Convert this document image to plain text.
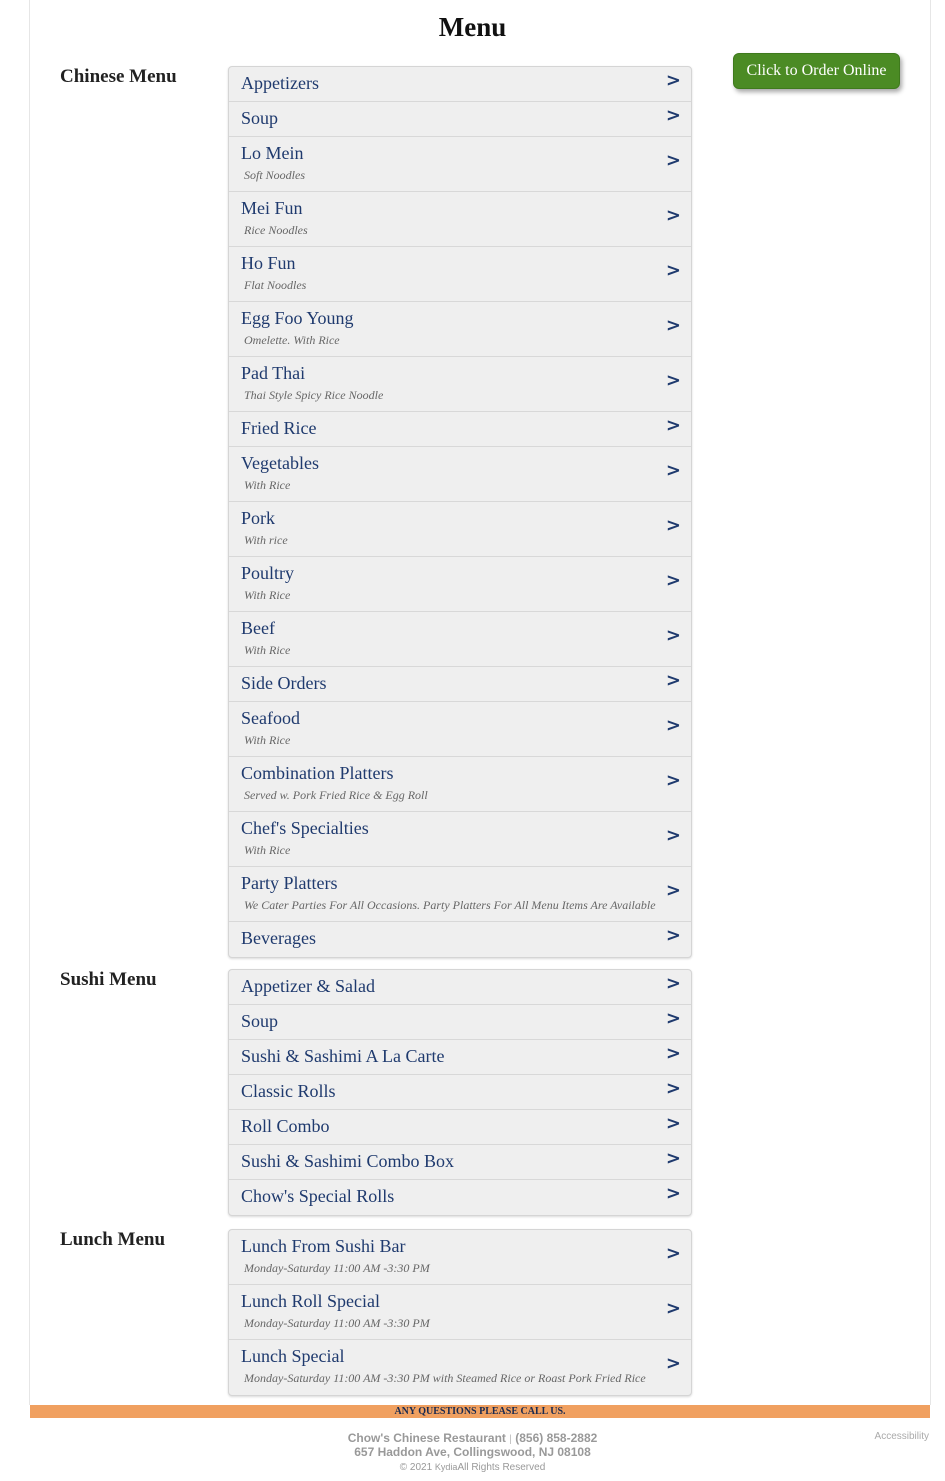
Menu
Click to Order Online
Chinese Menu	Appetizers	>
Soup	>
Lo Mein
Soft Noodles
>
Mei Fun
Rice Noodles
>
Ho Fun
Flat Noodles
>
Egg Foo Young
Omelette. With Rice
>
Pad Thai
Thai Style Spicy Rice Noodle
>
Fried Rice	>
Vegetables
With Rice
>
Pork
With rice
>
Poultry
With Rice
>
Beef
With Rice
>
Side Orders	>
Seafood
With Rice
>
Combination Platters
Served w. Pork Fried Rice & Egg Roll
>
Chef's Specialties
With Rice
>
Party Platters
We Cater Parties For All Occasions. Party Platters For All Menu Items Are Available
>
Beverages	>
Sushi Menu	Appetizer & Salad	>
Soup	>
Sushi & Sashimi A La Carte	>
Classic Rolls	>
Roll Combo	>
Sushi & Sashimi Combo Box	>
Chow's Special Rolls	>
Lunch Menu	Lunch From Sushi Bar
Monday-Saturday 11:00 AM -3:30 PM
>
Lunch Roll Special
Monday-Saturday 11:00 AM -3:30 PM
>
Lunch Special
Monday-Saturday 11:00 AM -3:30 PM with Steamed Rice or Roast Pork Fried Rice
>
ANY QUESTIONS PLEASE CALL US.
Chow's Chinese Restaurant | (856) 858-2882
657 Haddon Ave, Collingswood, NJ 08108
© 2021 KydiaAll Rights Reserved
Accessibility
